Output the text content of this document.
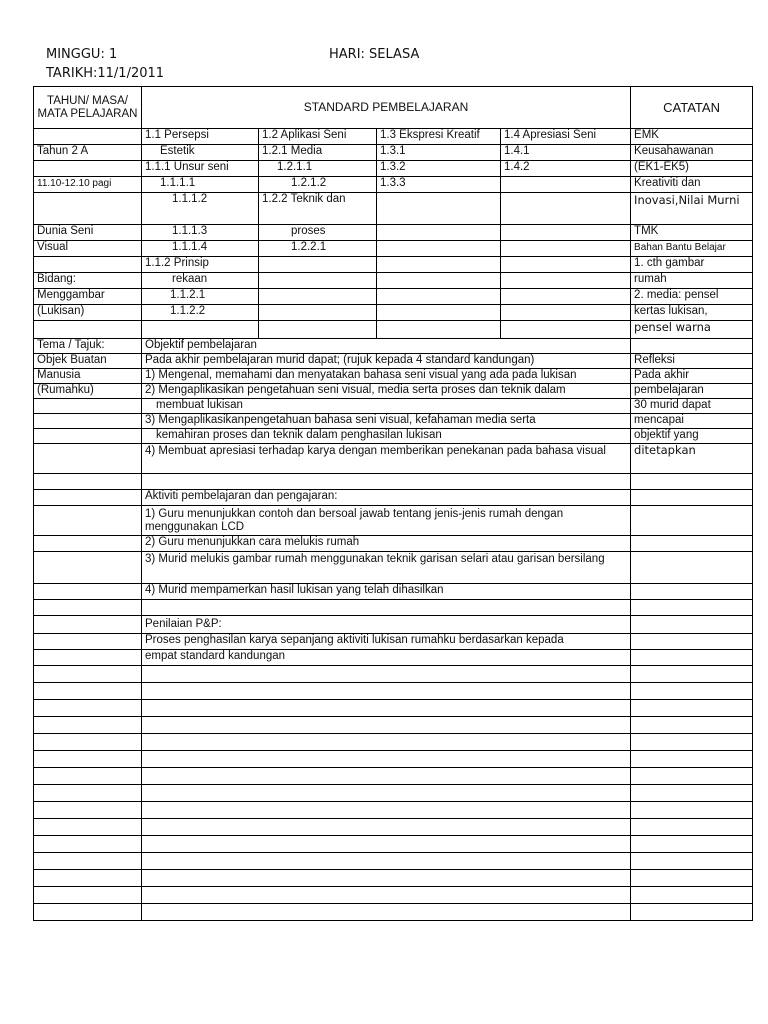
MINGGU: 1	HARI: SELASA
TARIKH:11/1/2011
TAHUN/ MASA/ MATA PELAJARAN	STANDARD PEMBELAJARAN				CATATAN
	1.1 Persepsi	1.2 Aplikasi Seni	1.3 Ekspresi Kreatif	1.4 Apresiasi Seni	EMK
Tahun 2 A	Estetik	1.2.1 Media	1.3.1	1.4.1	Keusahawanan
	1.1.1 Unsur seni	1.2.1.1	1.3.2	1.4.2	(EK1-EK5)
11.10-12.10 pagi	1.1.1.1	1.2.1.2	1.3.3		Kreativiti dan
	1.1.1.2	1.2.2 Teknik dan			Inovasi,Nilai Murni
Dunia Seni	1.1.1.3	proses			TMK
Visual	1.1.1.4	1.2.2.1			Bahan Bantu Belajar
	1.1.2 Prinsip				1. cth gambar
Bidang:	rekaan				rumah
Menggambar	1.1.2.1				2. media: pensel
(Lukisan)	1.1.2.2				kertas lukisan,
					pensel warna
Tema / Tajuk:	Objektif pembelajaran				
Objek Buatan	Pada akhir pembelajaran murid dapat; (rujuk kepada 4 standard kandungan)				Refleksi
Manusia	1) Mengenal, memahami dan menyatakan bahasa seni visual yang ada pada lukisan				Pada akhir
(Rumahku)	2) Mengaplikasikan pengetahuan seni visual, media serta proses dan teknik dalam				pembelajaran
	membuat lukisan				30 murid dapat
	3) Mengaplikasikanpengetahuan bahasa seni visual, kefahaman media serta				mencapai
	kemahiran proses dan teknik dalam penghasilan lukisan				objektif yang
	4) Membuat apresiasi terhadap karya dengan memberikan penekanan pada bahasa visual				ditetapkan

	Aktiviti pembelajaran dan pengajaran:				
	1) Guru menunjukkan contoh dan bersoal jawab tentang jenis-jenis rumah dengan menggunakan LCD				
	2) Guru menunjukkan cara melukis rumah				
	3) Murid melukis gambar rumah menggunakan teknik garisan selari atau garisan bersilang				
	4) Murid mempamerkan hasil lukisan yang telah dihasilkan				

	Penilaian P&P:				
	Proses penghasilan karya sepanjang aktiviti lukisan rumahku berdasarkan kepada				
	empat standard kandungan				
